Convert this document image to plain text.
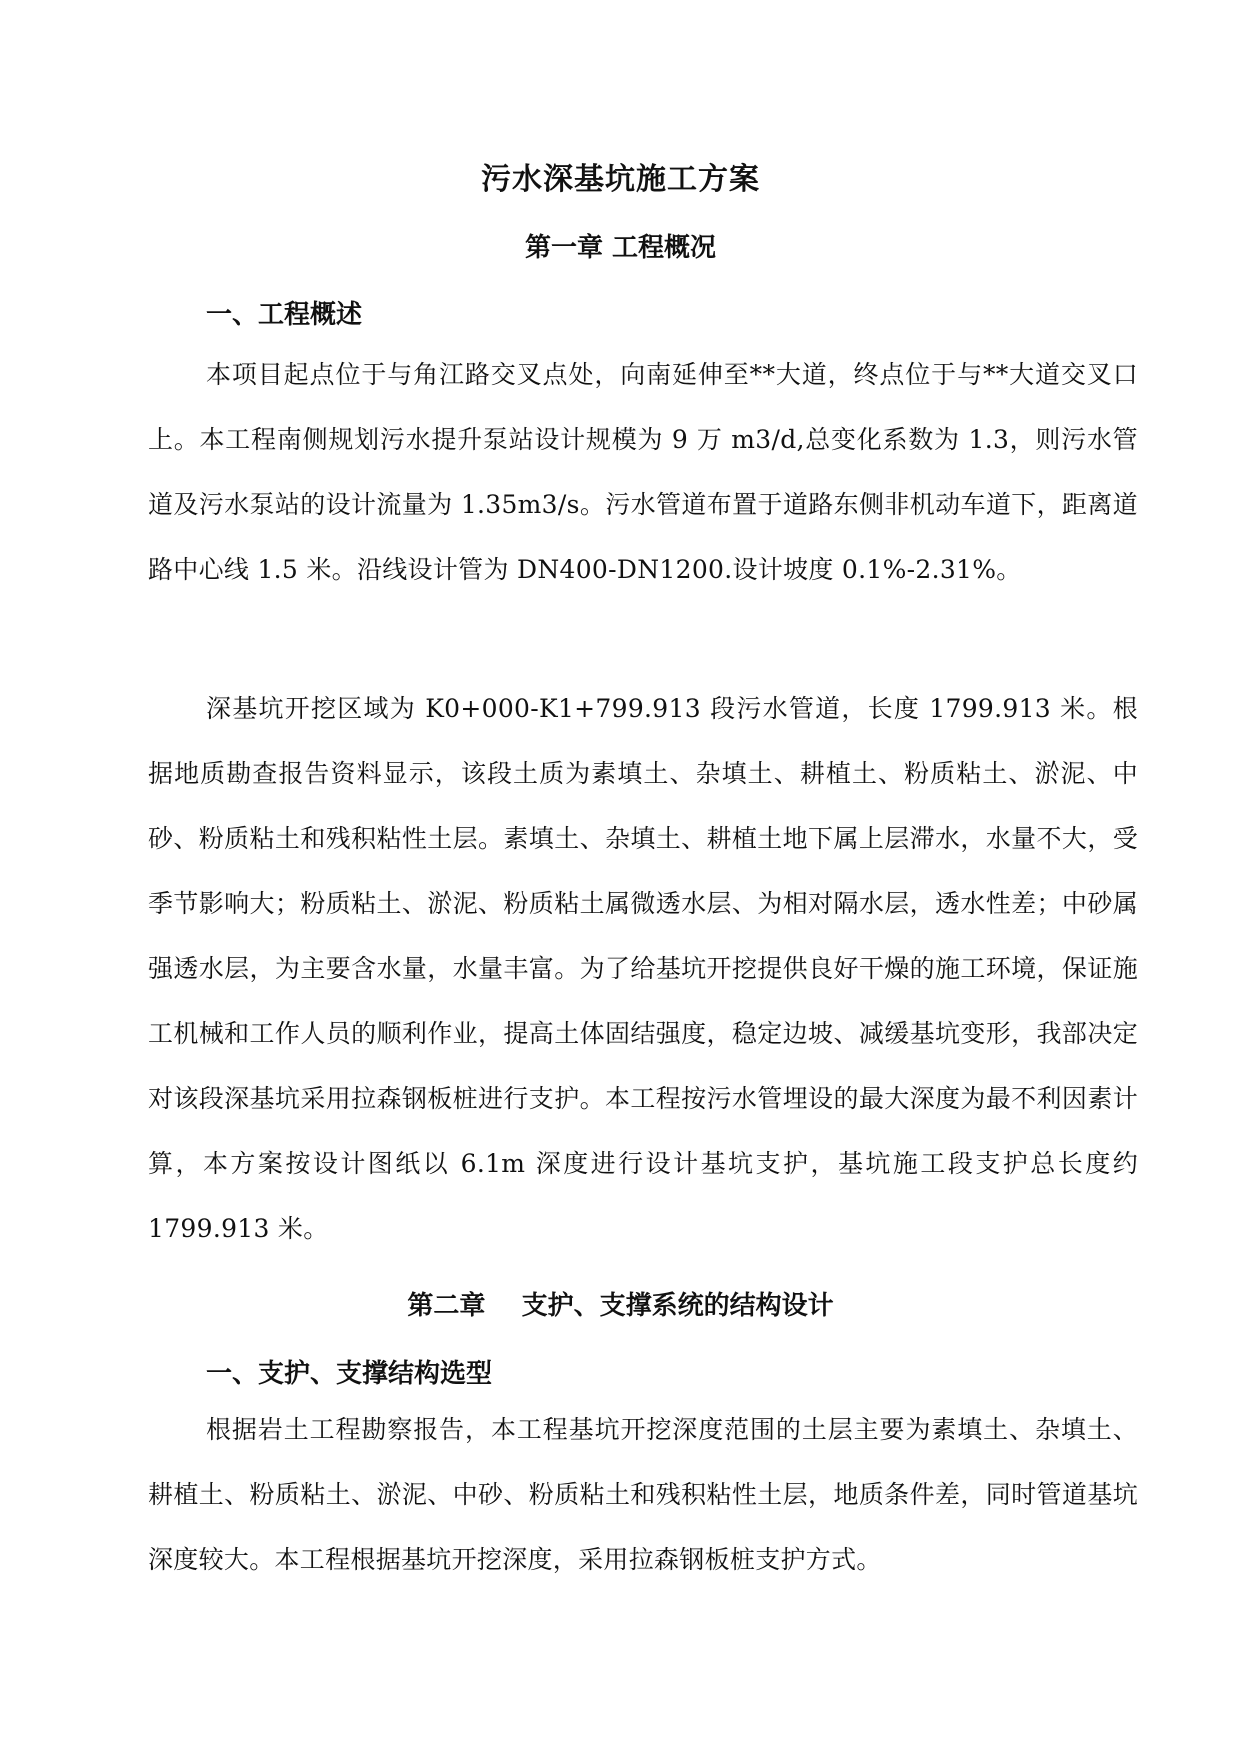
污水深基坑施工方案
第一章 工程概况
一、工程概述

本项目起点位于与角江路交叉点处，向南延伸至**大道，终点位于与**大道交叉口上。本工程南侧规划污水提升泵站设计规模为 9 万 m3/d,总变化系数为 1.3，则污水管道及污水泵站的设计流量为 1.35m3/s。污水管道布置于道路东侧非机动车道下，距离道路中心线 1.5 米。沿线设计管为 DN400-DN1200.设计坡度 0.1%-2.31%。

深基坑开挖区域为 K0+000-K1+799.913 段污水管道，长度 1799.913 米。根据地质勘查报告资料显示，该段土质为素填土、杂填土、耕植土、粉质粘土、淤泥、中砂、粉质粘土和残积粘性土层。素填土、杂填土、耕植土地下属上层滞水，水量不大，受季节影响大；粉质粘土、淤泥、粉质粘土属微透水层、为相对隔水层，透水性差；中砂属强透水层，为主要含水量，水量丰富。为了给基坑开挖提供良好干燥的施工环境，保证施工机械和工作人员的顺利作业，提高土体固结强度，稳定边坡、减缓基坑变形，我部决定对该段深基坑采用拉森钢板桩进行支护。本工程按污水管埋设的最大深度为最不利因素计算，本方案按设计图纸以 6.1m 深度进行设计基坑支护，基坑施工段支护总长度约 1799.913 米。

第二章    支护、支撑系统的结构设计
一、支护、支撑结构选型

根据岩土工程勘察报告，本工程基坑开挖深度范围的土层主要为素填土、杂填土、耕植土、粉质粘土、淤泥、中砂、粉质粘土和残积粘性土层，地质条件差，同时管道基坑深度较大。本工程根据基坑开挖深度，采用拉森钢板桩支护方式。
